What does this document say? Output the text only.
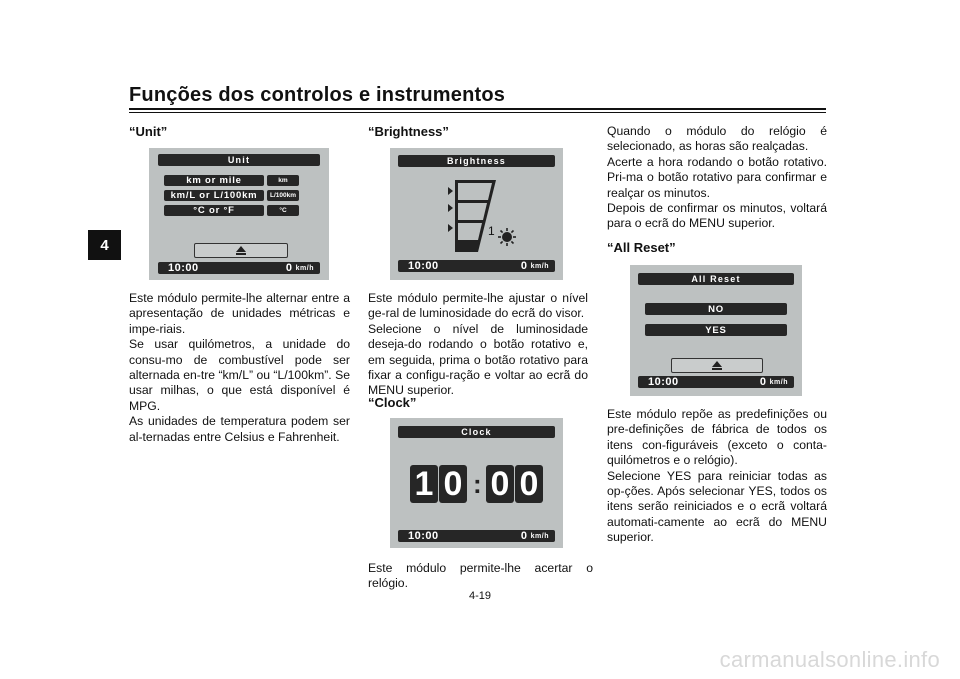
Funções dos controlos e instrumentos
4
“Unit”
Unit
km or mile
km/L or L/100km
°C or °F
km
L/100km
°C
10:00	0 km/h

Este módulo permite-lhe alternar entre a apresentação de unidades métricas e impe-riais.

Se usar quilómetros, a unidade do consu-mo de combustível pode ser alternada en-tre “km/L” ou “L/100km”. Se usar milhas, o que está disponível é MPG.

As unidades de temperatura podem ser al-ternadas entre Celsius e Fahrenheit.

“Brightness”
Brightness
1
10:00	0 km/h

Este módulo permite-lhe ajustar o nível ge-ral de luminosidade do ecrã do visor.

Selecione o nível de luminosidade deseja-do rodando o botão rotativo e, em seguida, prima o botão rotativo para fixar a configu-ração e voltar ao ecrã do MENU superior.

“Clock”
Clock
1 0 : 0 0
10:00	0 km/h

Este módulo permite-lhe acertar o relógio.

Quando o módulo do relógio é selecionado, as horas são realçadas.

Acerte a hora rodando o botão rotativo. Pri-ma o botão rotativo para confirmar e realçar os minutos.

Depois de confirmar os minutos, voltará para o ecrã do MENU superior.

“All Reset”
All Reset
NO
YES
10:00	0 km/h

Este módulo repõe as predefinições ou pre-definições de fábrica de todos os itens con-figuráveis (exceto o conta-quilómetros e o relógio).

Selecione YES para reiniciar todas as op-ções. Após selecionar YES, todos os itens serão reiniciados e o ecrã voltará automati-camente ao ecrã do MENU superior.

4-19
carmanualsonline.info
